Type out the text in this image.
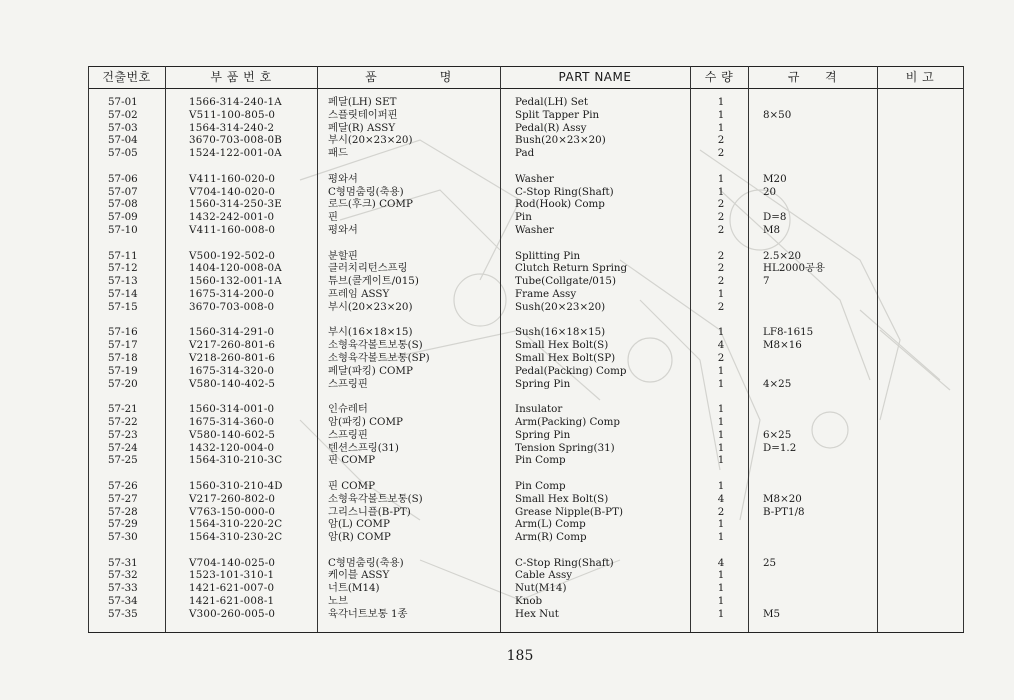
건출번호	부 품 번 호	품　　　　　명	PART NAME	수 량	규　　격	비 고
57-01	1566-314-240-1A	페달(LH) SET	Pedal(LH) Set	1
57-02	V511-100-805-0	스플릿테이퍼핀	Split Tapper Pin	1	8×50
57-03	1564-314-240-2	페달(R) ASSY	Pedal(R) Assy	1
57-04	3670-703-008-0B	부시(20×23×20)	Bush(20×23×20)	2
57-05	1524-122-001-0A	패드	Pad	2
57-06	V411-160-020-0	평와셔	Washer	1	M20
57-07	V704-140-020-0	C형멈춤링(축용)	C-Stop Ring(Shaft)	1	20
57-08	1560-314-250-3E	로드(후크) COMP	Rod(Hook) Comp	2
57-09	1432-242-001-0	핀	Pin	2	D=8
57-10	V411-160-008-0	평와셔	Washer	2	M8
57-11	V500-192-502-0	분할핀	Splitting Pin	2	2.5×20
57-12	1404-120-008-0A	클러치리턴스프링	Clutch Return Spring	2	HL2000공용
57-13	1560-132-001-1A	튜브(콜게이트/015)	Tube(Collgate/015)	2	7
57-14	1675-314-200-0	프레임 ASSY	Frame Assy	1
57-15	3670-703-008-0	부시(20×23×20)	Sush(20×23×20)	2
57-16	1560-314-291-0	부시(16×18×15)	Sush(16×18×15)	1	LF8-1615
57-17	V217-260-801-6	소형육각볼트보통(S)	Small Hex Bolt(S)	4	M8×16
57-18	V218-260-801-6	소형육각볼트보통(SP)	Small Hex Bolt(SP)	2
57-19	1675-314-320-0	페달(파킹) COMP	Pedal(Packing) Comp	1
57-20	V580-140-402-5	스프링핀	Spring Pin	1	4×25
57-21	1560-314-001-0	인슈레터	Insulator	1
57-22	1675-314-360-0	암(파킹) COMP	Arm(Packing) Comp	1
57-23	V580-140-602-5	스프링핀	Spring Pin	1	6×25
57-24	1432-120-004-0	텐션스프링(31)	Tension Spring(31)	1	D=1.2
57-25	1564-310-210-3C	핀 COMP	Pin Comp	1
57-26	1560-310-210-4D	핀 COMP	Pin Comp	1
57-27	V217-260-802-0	소형육각볼트보통(S)	Small Hex Bolt(S)	4	M8×20
57-28	V763-150-000-0	그리스니플(B-PT)	Grease Nipple(B-PT)	2	B-PT1/8
57-29	1564-310-220-2C	암(L) COMP	Arm(L) Comp	1
57-30	1564-310-230-2C	암(R) COMP	Arm(R) Comp	1
57-31	V704-140-025-0	C형멈춤링(축용)	C-Stop Ring(Shaft)	4	25
57-32	1523-101-310-1	케이블 ASSY	Cable Assy	1
57-33	1421-621-007-0	너트(M14)	Nut(M14)	1
57-34	1421-621-008-1	노브	Knob	1
57-35	V300-260-005-0	육각너트보통 1종	Hex Nut	1	M5
185
